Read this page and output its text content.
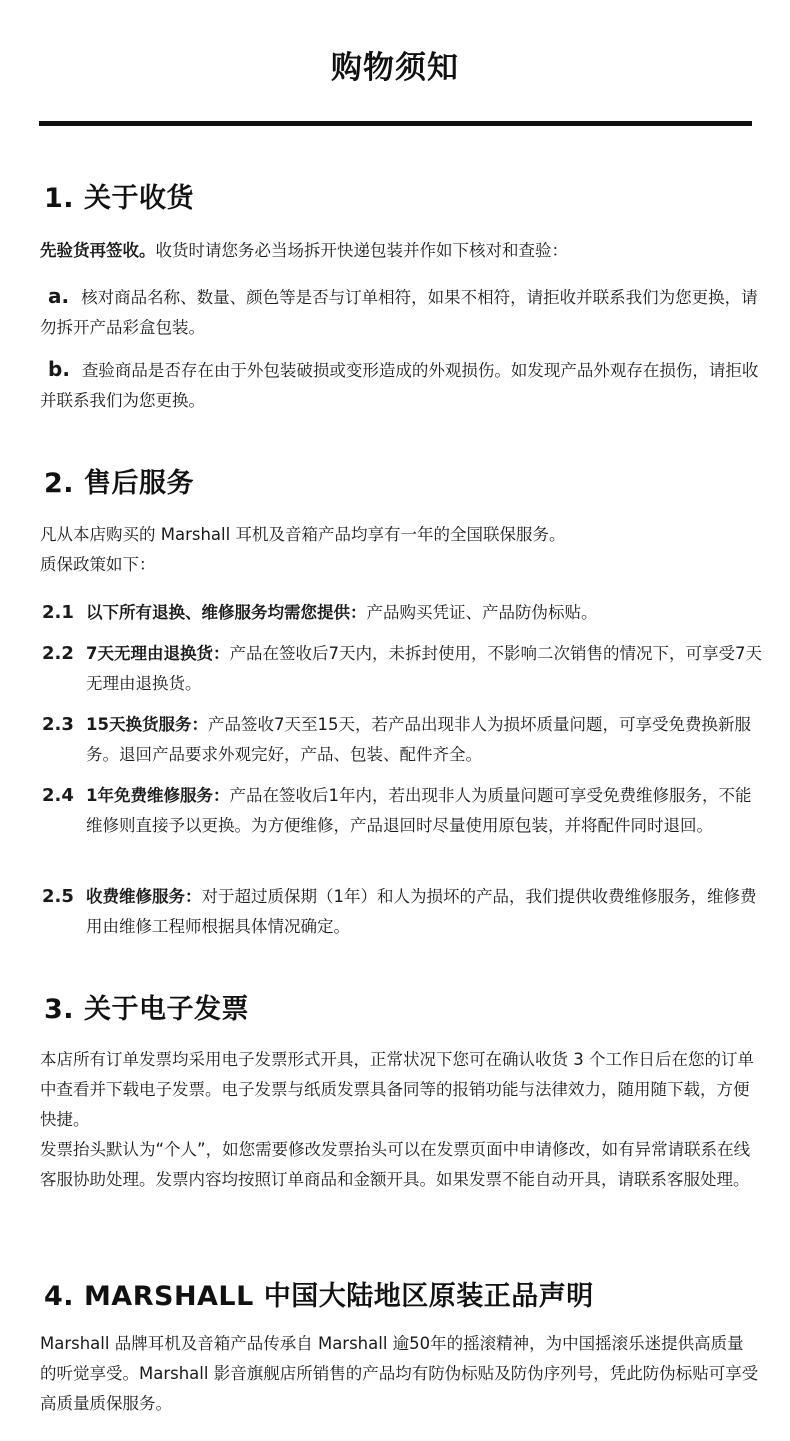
购物须知
1. 关于收货
先验货再签收。收货时请您务必当场拆开快递包装并作如下核对和查验：
a. 核对商品名称、数量、颜色等是否与订单相符，如果不相符，请拒收并联系我们为您更换，请勿拆开产品彩盒包装。
b. 查验商品是否存在由于外包装破损或变形造成的外观损伤。如发现产品外观存在损伤，请拒收并联系我们为您更换。
2. 售后服务
凡从本店购买的 Marshall 耳机及音箱产品均享有一年的全国联保服务。
质保政策如下：
2.1 以下所有退换、维修服务均需您提供：产品购买凭证、产品防伪标贴。
2.2 7天无理由退换货：产品在签收后7天内，未拆封使用，不影响二次销售的情况下，可享受7天无理由退换货。
2.3 15天换货服务：产品签收7天至15天，若产品出现非人为损坏质量问题，可享受免费换新服务。退回产品要求外观完好，产品、包装、配件齐全。
2.4 1年免费维修服务：产品在签收后1年内，若出现非人为质量问题可享受免费维修服务，不能维修则直接予以更换。为方便维修，产品退回时尽量使用原包装，并将配件同时退回。
2.5 收费维修服务：对于超过质保期（1年）和人为损坏的产品，我们提供收费维修服务，维修费用由维修工程师根据具体情况确定。
3. 关于电子发票
本店所有订单发票均采用电子发票形式开具，正常状况下您可在确认收货 3 个工作日后在您的订单中查看并下载电子发票。电子发票与纸质发票具备同等的报销功能与法律效力，随用随下载，方便快捷。
发票抬头默认为“个人”，如您需要修改发票抬头可以在发票页面中申请修改，如有异常请联系在线客服协助处理。发票内容均按照订单商品和金额开具。如果发票不能自动开具，请联系客服处理。
4. MARSHALL 中国大陆地区原装正品声明
Marshall 品牌耳机及音箱产品传承自 Marshall 逾50年的摇滚精神，为中国摇滚乐迷提供高质量的听觉享受。Marshall 影音旗舰店所销售的产品均有防伪标贴及防伪序列号，凭此防伪标贴可享受高质量质保服务。
